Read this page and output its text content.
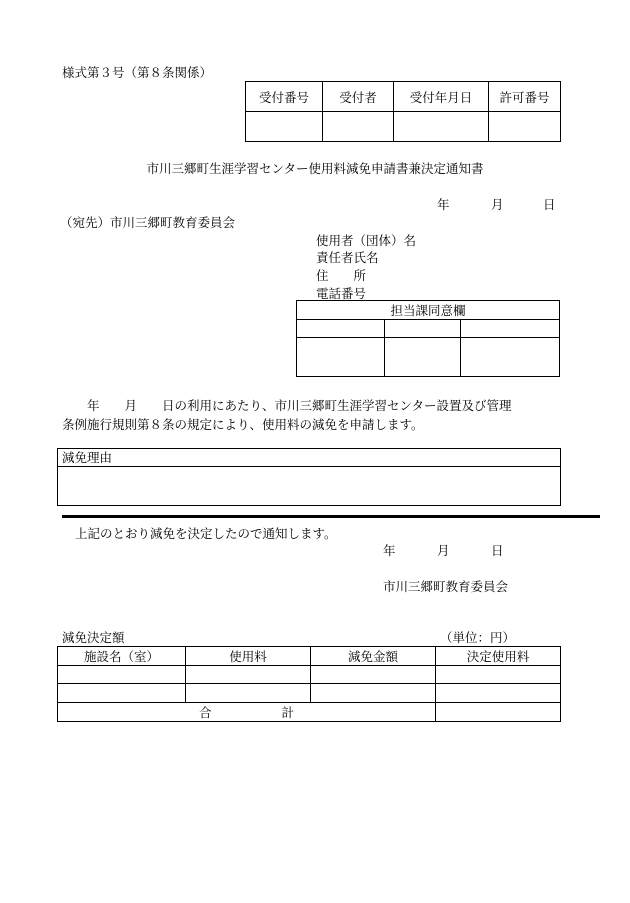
様式第３号（第８条関係）
受付番号	受付者	受付年月日	許可番号

市川三郷町生涯学習センター使用料減免申請書兼決定通知書
年	月	日
（宛先）市川三郷町教育委員会
使用者（団体）名
責任者氏名
住　　所
電話番号
担当課同意欄		

　　年　　月　　日の利用にあたり、市川三郷町生涯学習センター設置及び管理
条例施行規則第８条の規定により、使用料の減免を申請します。
減免理由
上記のとおり減免を決定したので通知します。
年	月	日
市川三郷町教育委員会
減免決定額	（単位：円）
施設名（室）	使用料	減免金額	決定使用料

合 計			
